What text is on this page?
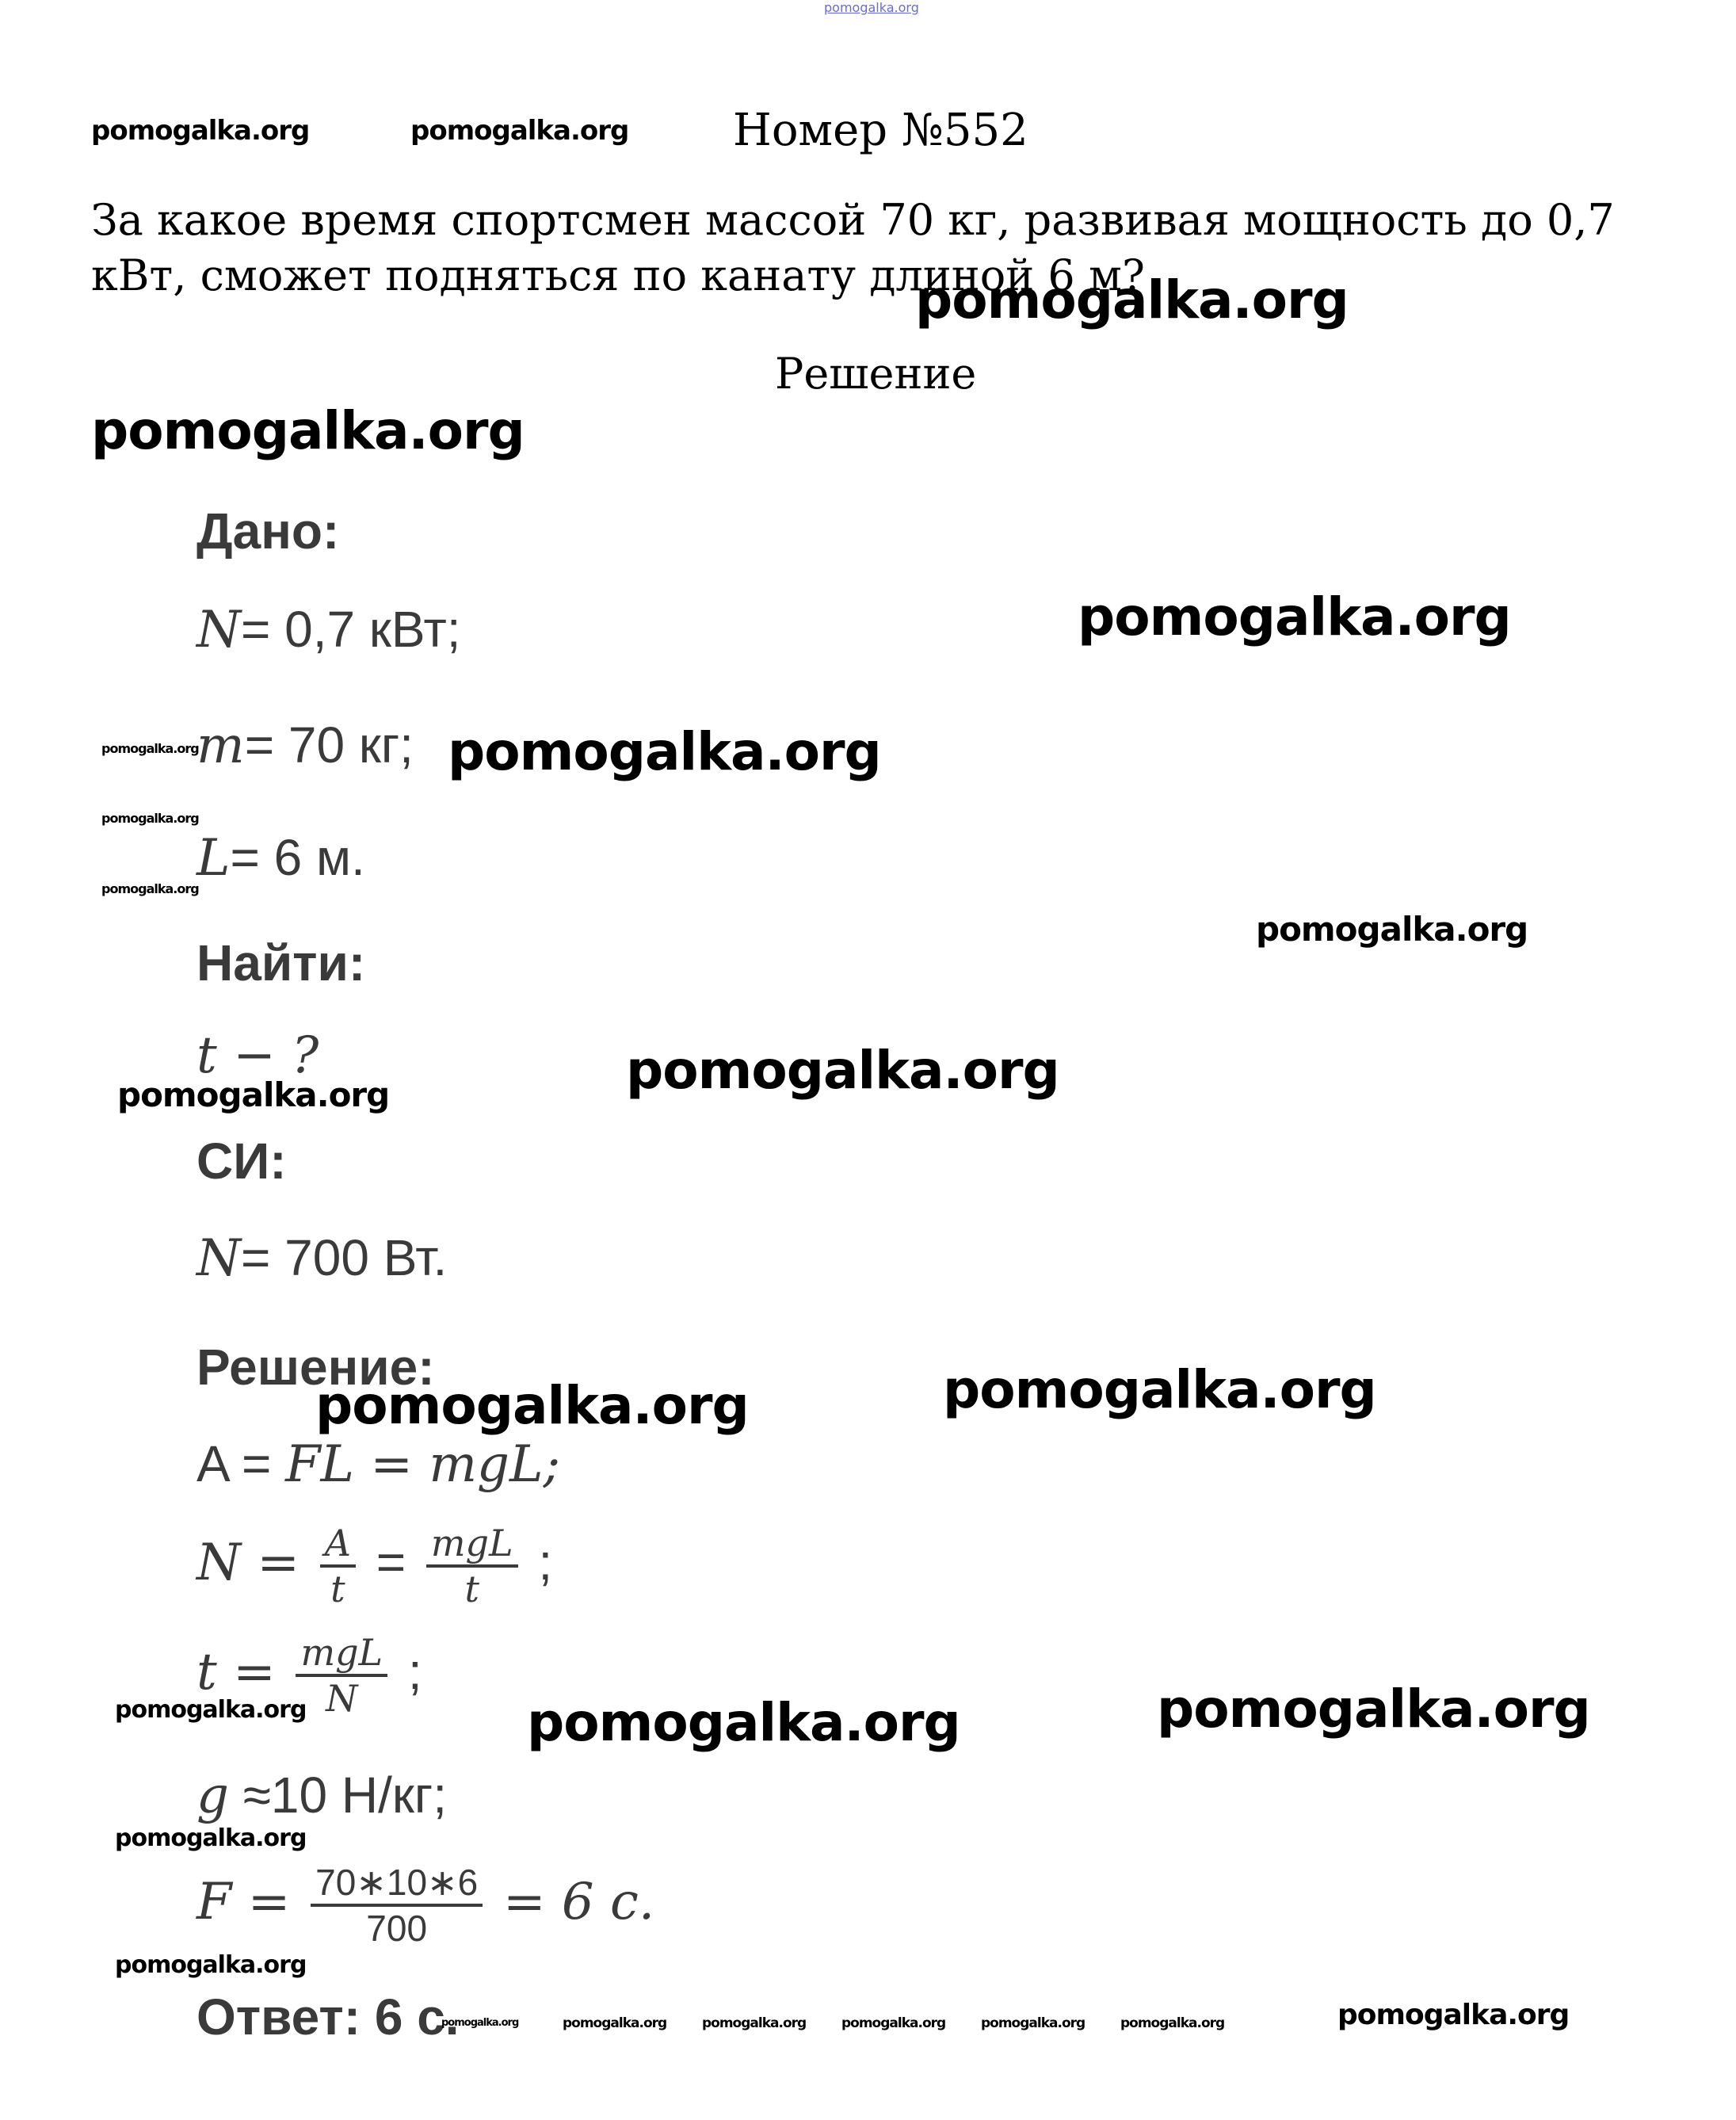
pomogalka.org
pomogalka.org	pomogalka.org Номер №552
За какое время спортсмен массой 70 кг, развивая мощность до 0,7 кВт, сможет подняться по канату длиной 6 м?
pomogalka.org
Решение
pomogalka.org
Дано:
N= 0,7 кВт;	pomogalka.org
pomogalka.org
m= 70 кг; pomogalka.org
pomogalka.org
L= 6 м.
pomogalka.org
pomogalka.org
Найти:
t − ?	pomogalka.org
pomogalka.org
СИ:
N= 700 Вт.
Решение:
pomogalka.org	pomogalka.org
A = FL = mgL;
$N = \frac{A}{t} = \frac{\text{mgL}}{t}$ ;
$t = \frac{\text{mgL}}{N}$ ;
pomogalka.org	pomogalka.org	pomogalka.org
g ≈10 Н/кг;
pomogalka.org
$F = \frac{70∗10∗6}{700} = 6$ с.
pomogalka.org
Ответ: 6 с.
pomogalka.org	pomogalka.org	pomogalka.org	pomogalka.org	pomogalka.org	pomogalka.org	pomogalka.org
